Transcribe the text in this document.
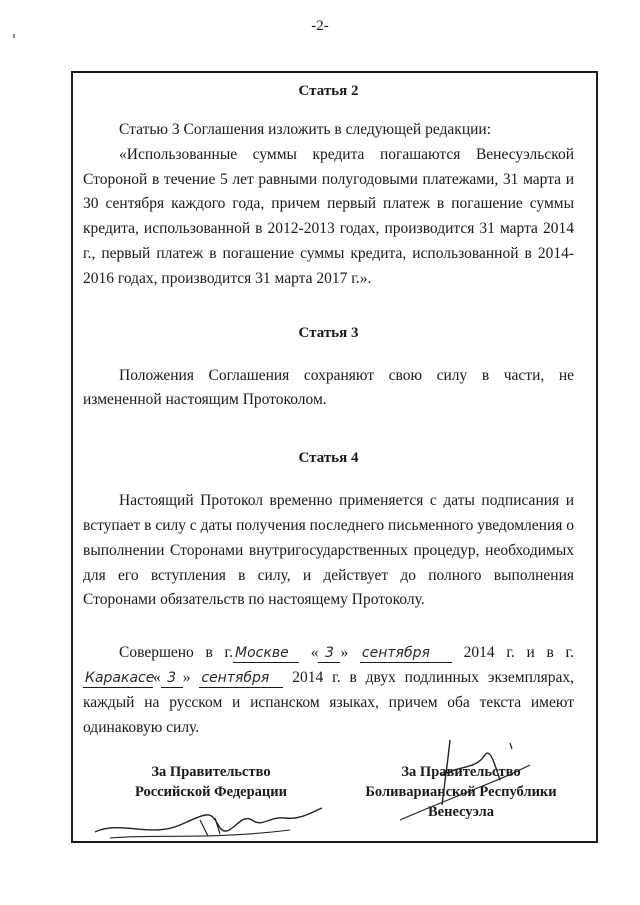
-2-

Статья 2

Статью 3 Соглашения изложить в следующей редакции:

«Использованные суммы кредита погашаются Венесуэльской Стороной в течение 5 лет равными полугодовыми платежами, 31 марта и 30 сентября каждого года, причем первый платеж в погашение суммы кредита, использованной в 2012-2013 годах, производится 31 марта 2014 г., первый платеж в погашение суммы кредита, использованной в 2014-2016 годах, производится 31 марта 2017 г.».

Статья 3

Положения Соглашения сохраняют свою силу в части, не измененной настоящим Протоколом.

Статья 4

Настоящий Протокол временно применяется с даты подписания и вступает в силу с даты получения последнего письменного уведомления о выполнении Сторонами внутригосударственных процедур, необходимых для его вступления в силу, и действует до полного выполнения Сторонами обязательств по настоящему Протоколу.

Совершено в г. Москве « 3 » сентября 2014 г. и в г. Каракасе« 3 » сентября 2014 г. в двух подлинных экземплярах, каждый на русском и испанском языках, причем оба текста имеют одинаковую силу.

За Правительство
Российской Федерации
За Правительство
Боливарианской Республики
Венесуэла
